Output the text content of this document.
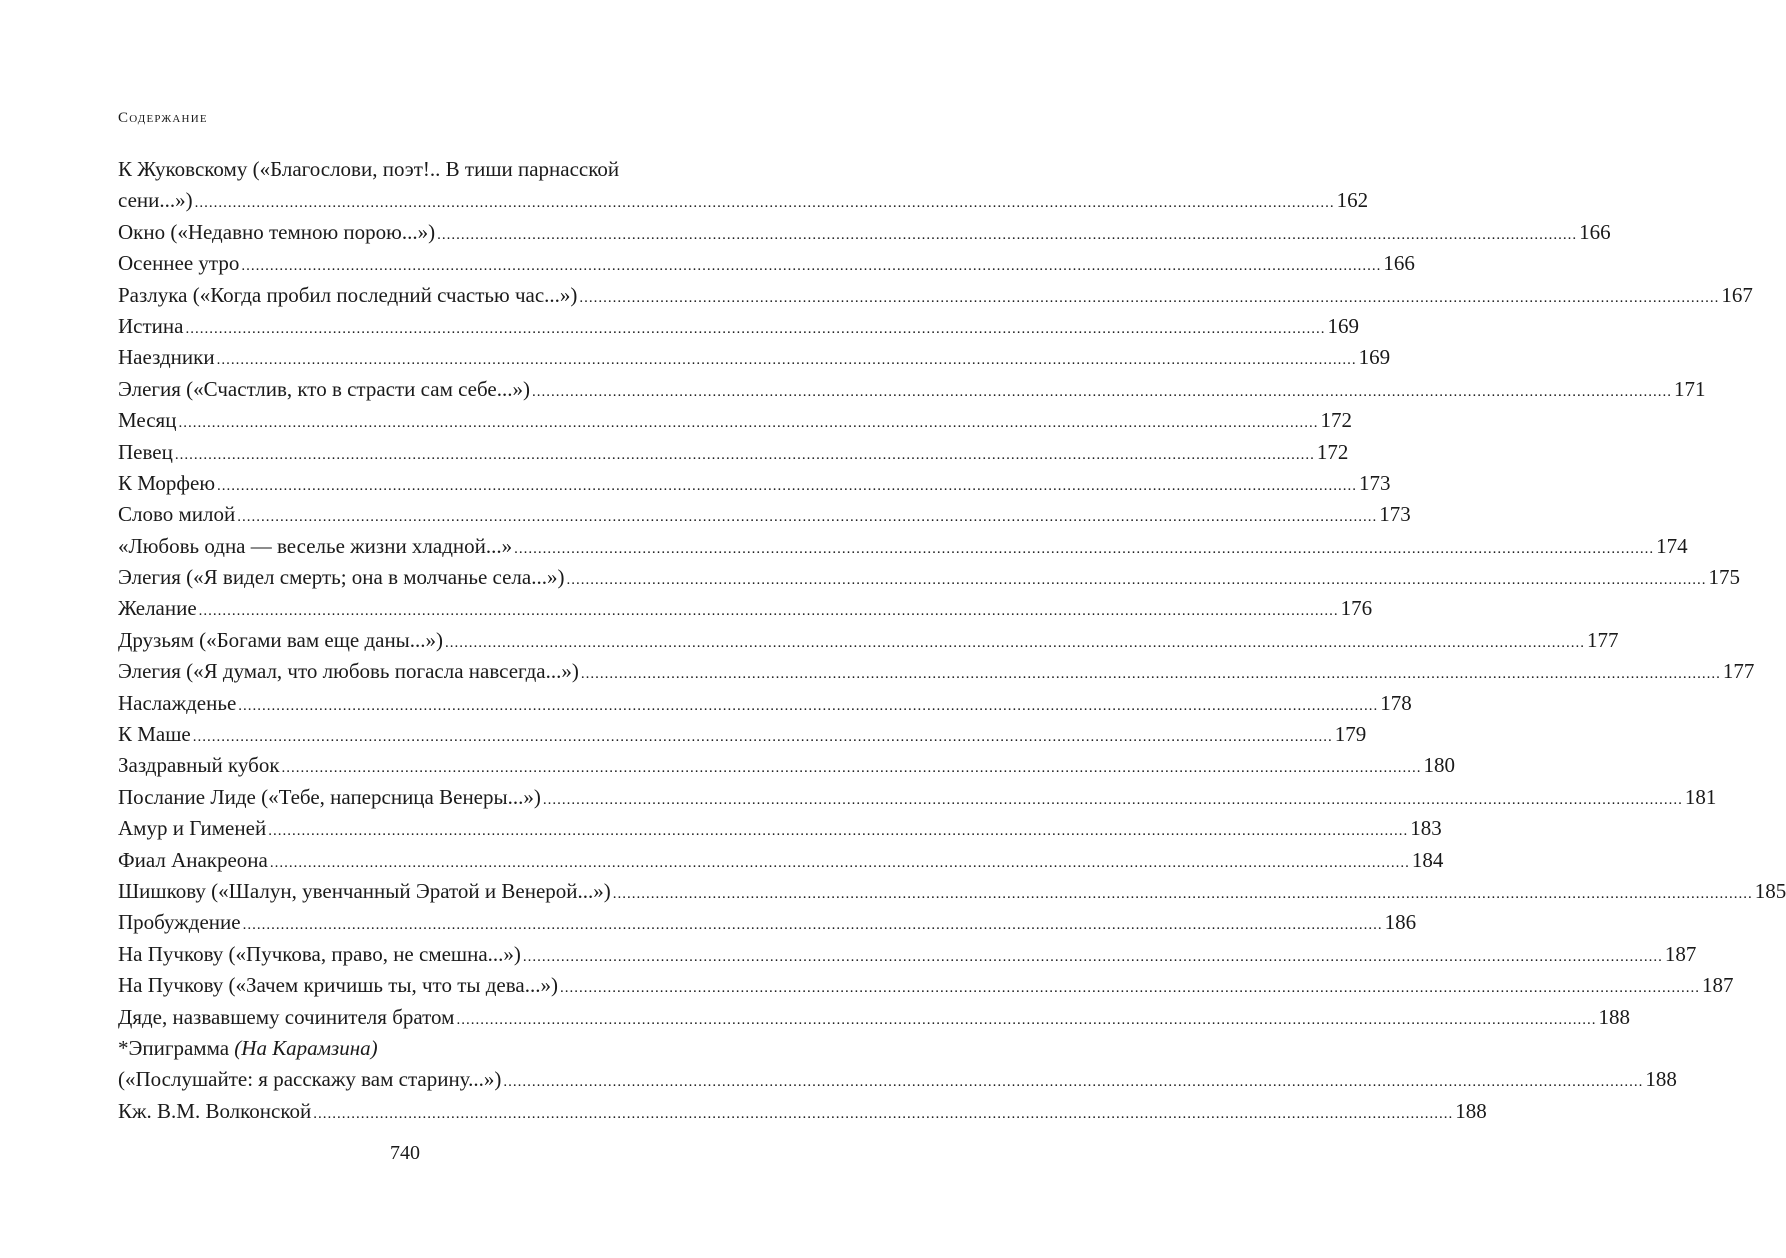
Содержание
К Жуковскому («Благослови, поэт!.. В тиши парнасской
сени...») .....	162
Окно («Недавно темною порою...») .....	166
Осеннее утро .....	166
Разлука («Когда пробил последний счастью час...») .....	167
Истина .....	169
Наездники .....	169
Элегия («Счастлив, кто в страсти сам себе...») .....	171
Месяц .....	172
Певец .....	172
К Морфею .....	173
Слово милой .....	173
«Любовь одна — веселье жизни хладной...» .....	174
Элегия («Я видел смерть; она в молчанье села...») .....	175
Желание .....	176
Друзьям («Богами вам еще даны...») .....	177
Элегия («Я думал, что любовь погасла навсегда...») .....	177
Наслажденье .....	178
К Маше .....	179
Заздравный кубок .....	180
Послание Лиде («Тебе, наперсница Венеры...») .....	181
Амур и Гименей .....	183
Фиал Анакреона .....	184
Шишкову («Шалун, увенчанный Эратой и Венерой...») .....	185
Пробуждение .....	186
На Пучкову («Пучкова, право, не смешна...») .....	187
На Пучкову («Зачем кричишь ты, что ты дева...») .....	187
Дяде, назвавшему сочинителя братом .....	188
*Эпиграмма (На Карамзина)
(«Послушайте: я расскажу вам старину...») .....	188
Кж. В.М. Волконской .....	188
740
